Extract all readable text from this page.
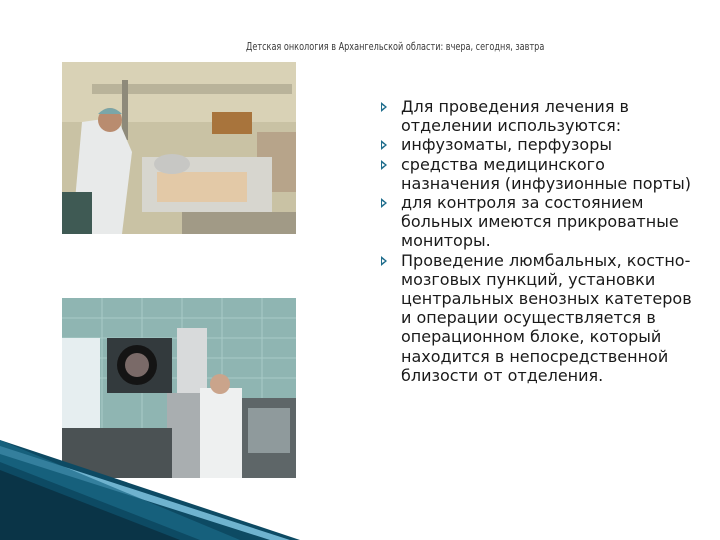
Детская онкология в Архангельской области: вчера, сегодня, завтра
Для проведения лечения в отделении используются:
инфузоматы, перфузоры
средства медицинского назначения (инфузионные порты)
для контроля за состоянием больных имеются прикроватные мониторы.
Проведение люмбальных, костно-мозговых пункций, установки центральных венозных катетеров и операции осуществляется в операционном блоке, который находится в непосредственной близости от отделения.
